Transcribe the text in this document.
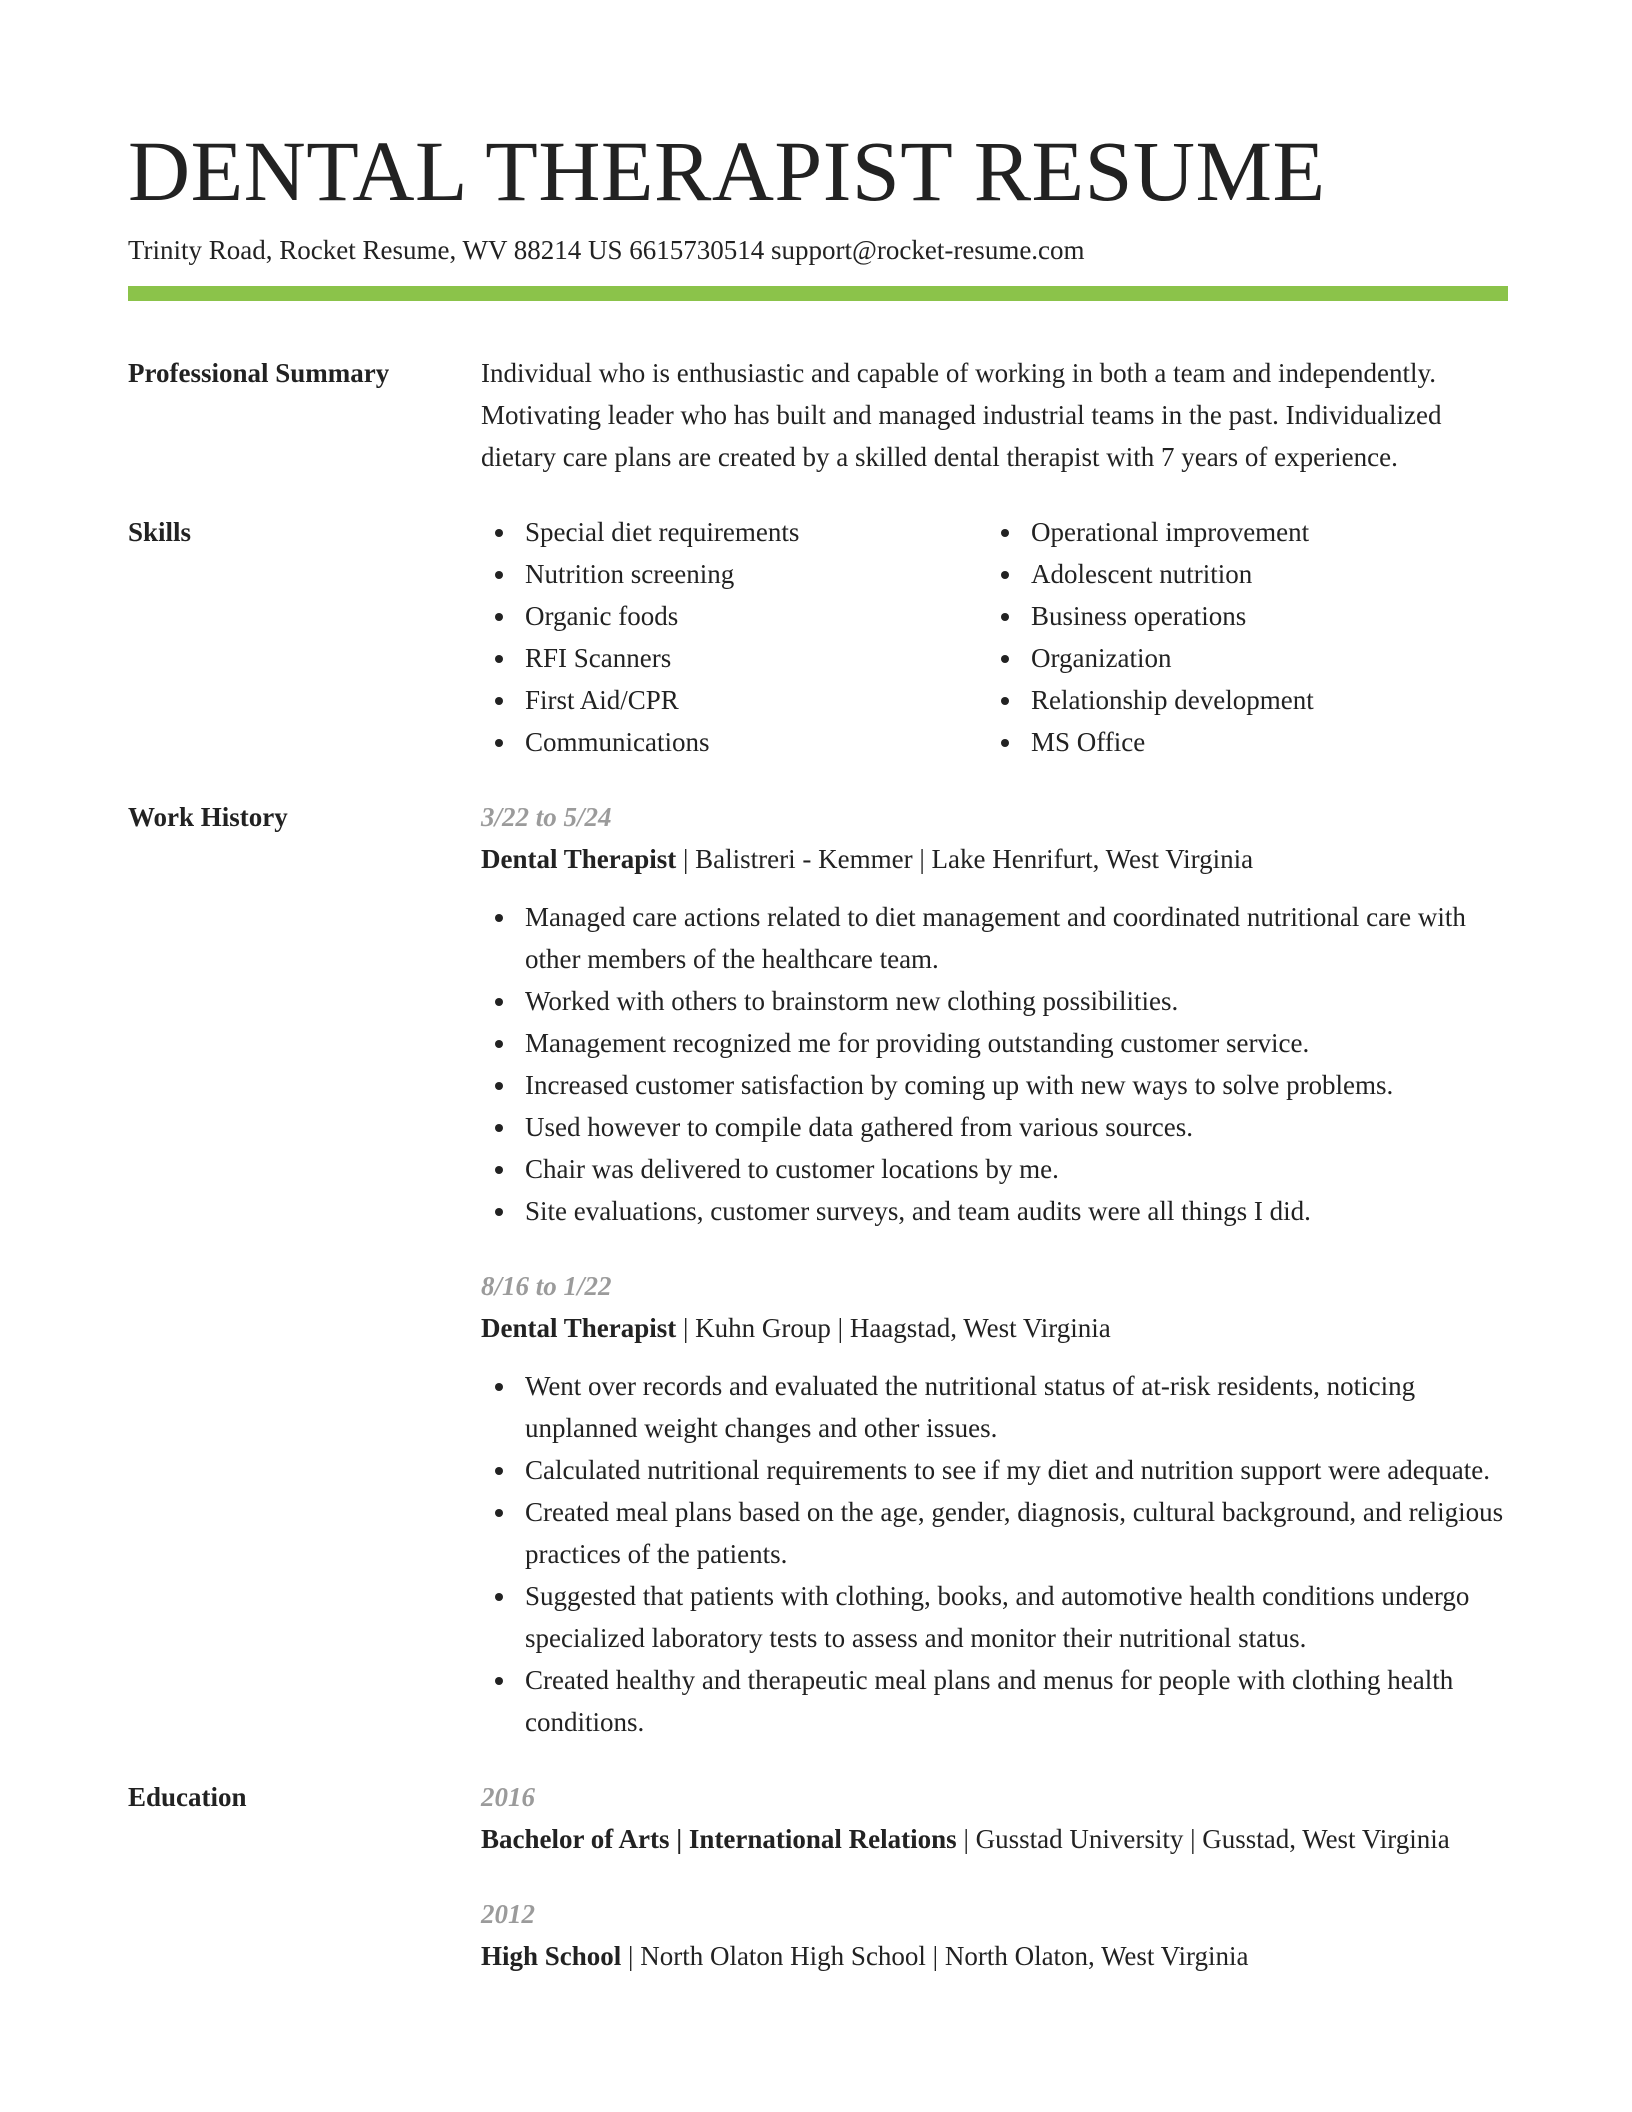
DENTAL THERAPIST RESUME
Trinity Road, Rocket Resume, WV 88214 US 6615730514 support@rocket-resume.com
Professional Summary	Individual who is enthusiastic and capable of working in both a team and independently. Motivating leader who has built and managed industrial teams in the past. Individualized dietary care plans are created by a skilled dental therapist with 7 years of experience.
Skills	Special diet requirements
Nutrition screening
Organic foods
RFI Scanners
First Aid/CPR
Communications
Operational improvement
Adolescent nutrition
Business operations
Organization
Relationship development
MS Office
Work History	3/22 to 5/24
Dental Therapist | Balistreri - Kemmer | Lake Henrifurt, West Virginia
Managed care actions related to diet management and coordinated nutritional care with other members of the healthcare team.
Worked with others to brainstorm new clothing possibilities.
Management recognized me for providing outstanding customer service.
Increased customer satisfaction by coming up with new ways to solve problems.
Used however to compile data gathered from various sources.
Chair was delivered to customer locations by me.
Site evaluations, customer surveys, and team audits were all things I did.
8/16 to 1/22
Dental Therapist | Kuhn Group | Haagstad, West Virginia
Went over records and evaluated the nutritional status of at-risk residents, noticing unplanned weight changes and other issues.
Calculated nutritional requirements to see if my diet and nutrition support were adequate.
Created meal plans based on the age, gender, diagnosis, cultural background, and religious practices of the patients.
Suggested that patients with clothing, books, and automotive health conditions undergo specialized laboratory tests to assess and monitor their nutritional status.
Created healthy and therapeutic meal plans and menus for people with clothing health conditions.
Education	2016
Bachelor of Arts | International Relations | Gusstad University | Gusstad, West Virginia
2012
High School | North Olaton High School | North Olaton, West Virginia
